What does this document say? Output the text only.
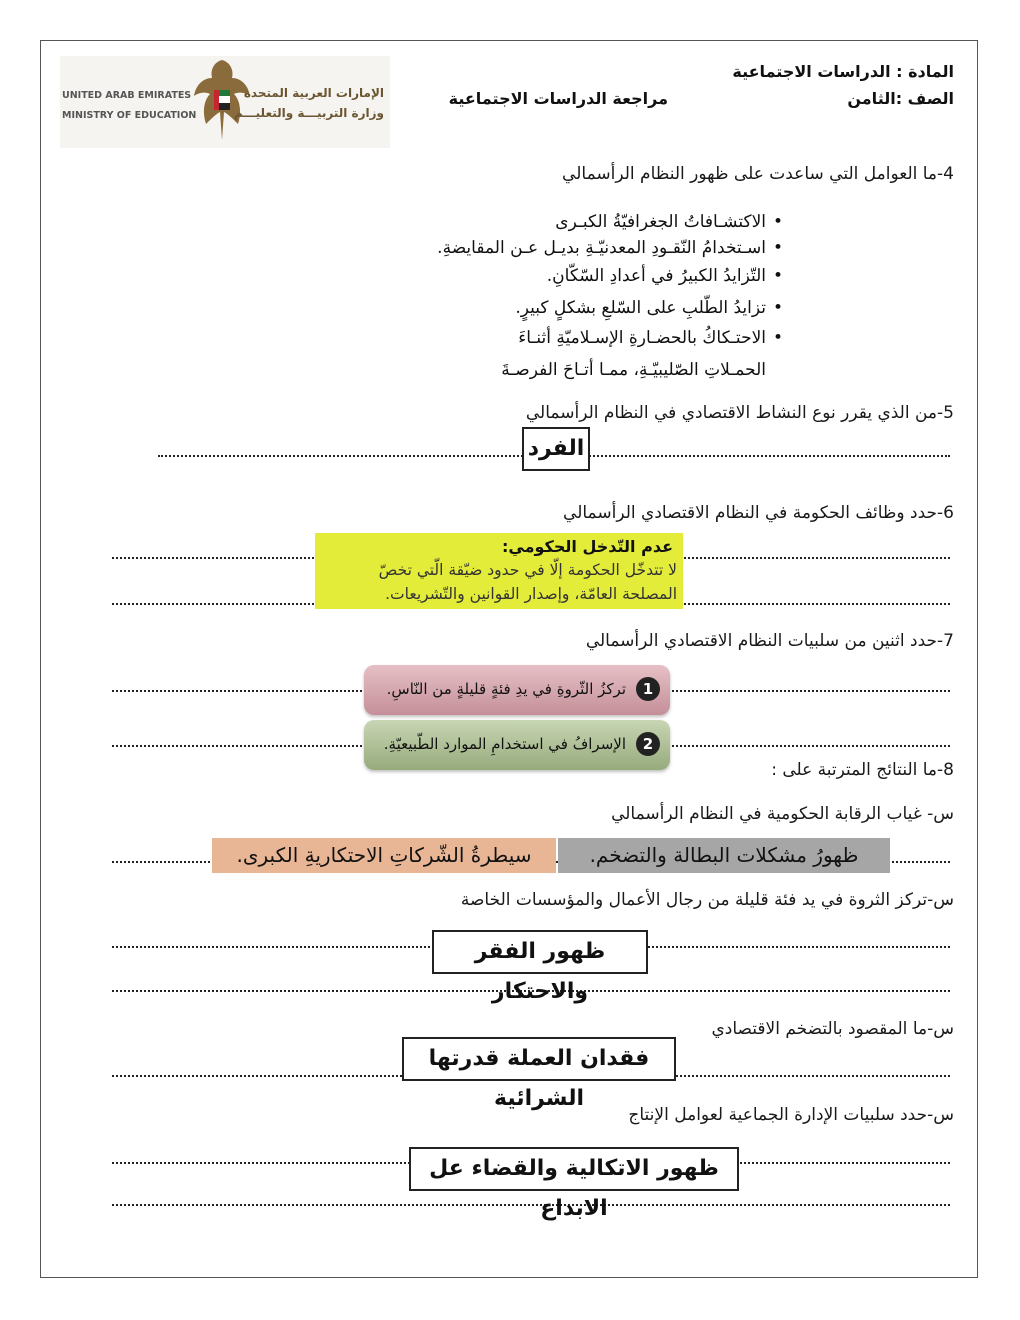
المادة : الدراسات الاجتماعية
الصف :الثامن
مراجعة الدراسات الاجتماعية
UNITED ARAB EMIRATES
MINISTRY OF EDUCATION
الإمارات العربية المتحدة
وزارة التربيـــة والتعليـــم
4-ما العوامل التي ساعدت على ظهور النظام الرأسمالي
•الاكتشـافاتُ الجغرافيّةُ الكبـرى
•اسـتخدامُ النّقـودِ المعدنيّـةِ بديـل عـن المقايضةِ.
•التّزايدُ الكبيرُ في أعدادِ السّكّانِ.
•تزايدُ الطّلبِ على السّلعِ بشكلٍ كبيرٍ.
•الاحتـكاكُ بالحضـارةِ الإسـلاميّةِ أثنـاءَ
الحمـلاتِ الصّليبيّـةِ، ممـا أتـاحَ الفرصـةَ
5-من الذي يقرر نوع النشاط الاقتصادي في النظام الرأسمالي
الفرد
6-حدد وظائف الحكومة في النظام الاقتصادي الرأسمالي
عدم التّدخل الحكومي:
لا تتدخّل الحكومة إلّا في حدود ضيّقة الّتي تخصّ
المصلحة العامّة، وإصدار القوانين والتّشريعات.
7-حدد اثنين من سلبيات النظام الاقتصادي الرأسمالي
1
تركزُ الثّروةِ في يدِ فئةٍ قليلةٍ من النّاسِ.
2
الإسرافُ في استخدامِ الموارد الطّبيعيّةِ.
8-ما النتائج المترتبة على :
س- غياب الرقابة الحكومية في النظام الرأسمالي
ظهورُ مشكلات البطالة والتضخم.
سيطرةُ الشّركاتِ الاحتكاريةِ الكبرى.
س-تركز الثروة في يد فئة قليلة من رجال الأعمال والمؤسسات الخاصة
ظهور الفقر والاحتكار
س-ما المقصود بالتضخم الاقتصادي
فقدان العملة قدرتها الشرائية
س-حدد سلبيات الإدارة الجماعية لعوامل الإنتاج
ظهور الاتكالية والقضاء عل الابداع
